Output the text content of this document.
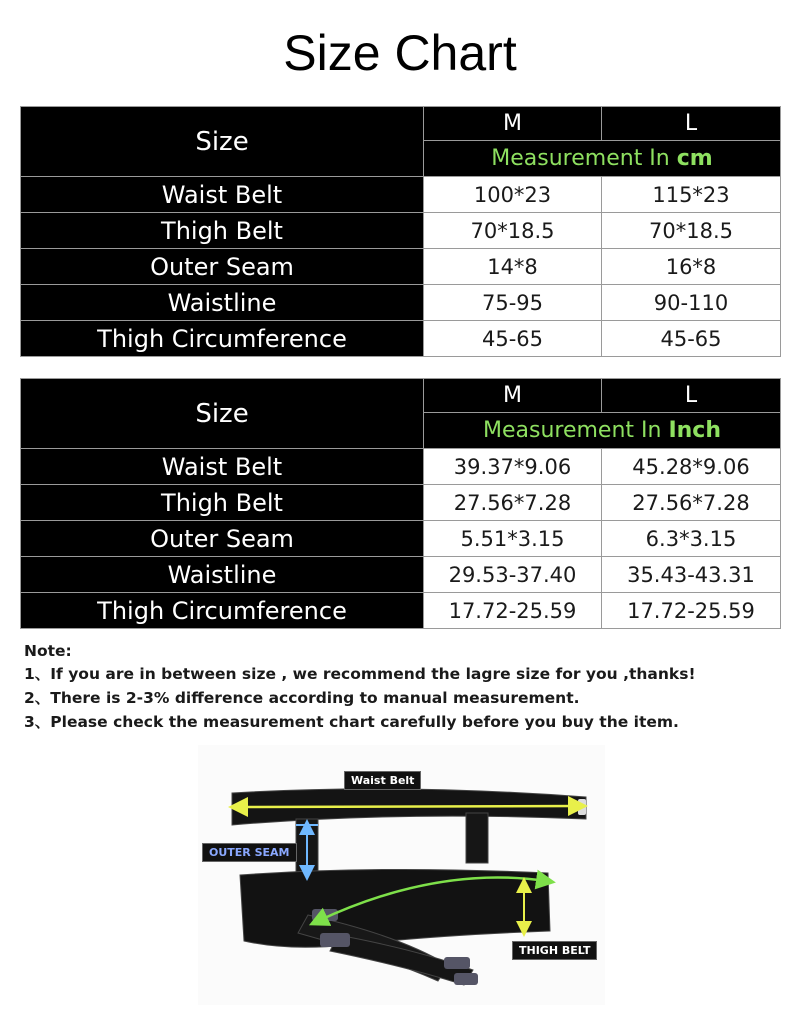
Size Chart
Size	M	L
	Measurement In cm	
Waist Belt	100*23	115*23
Thigh Belt	70*18.5	70*18.5
Outer Seam	14*8	16*8
Waistline	75-95	90-110
Thigh Circumference	45-65	45-65
Size	M	L
	Measurement In Inch	
Waist Belt	39.37*9.06	45.28*9.06
Thigh Belt	27.56*7.28	27.56*7.28
Outer Seam	5.51*3.15	6.3*3.15
Waistline	29.53-37.40	35.43-43.31
Thigh Circumference	17.72-25.59	17.72-25.59
Note:
1、If you are in between size , we recommend the lagre size for you ,thanks!
2、There is 2-3% difference according to manual measurement.
3、Please check the measurement chart carefully before you buy the item.
Waist Belt
OUTER SEAM
THIGH BELT
